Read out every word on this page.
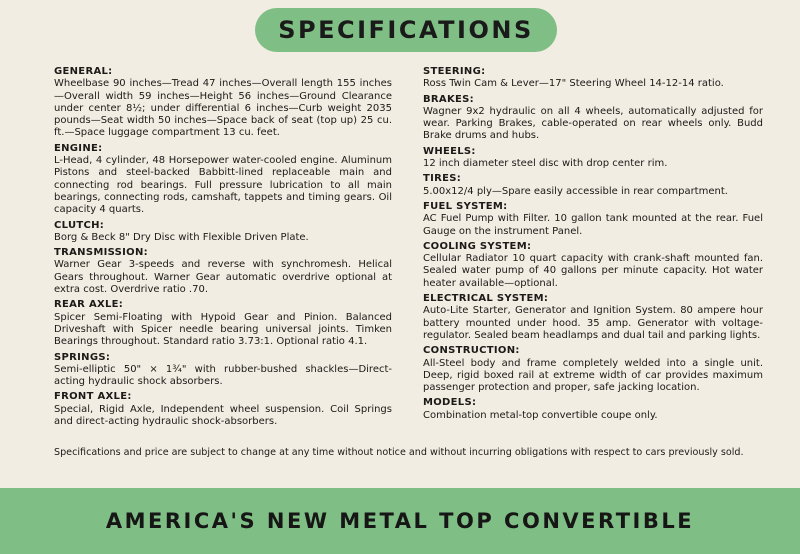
SPECIFICATIONS
GENERAL:
Wheelbase 90 inches—Tread 47 inches—Overall length 155 inches—Overall width 59 inches—Height 56 inches—Ground Clearance under center 8½; under differential 6 inches—Curb weight 2035 pounds—Seat width 50 inches—Space back of seat (top up) 25 cu. ft.—Space luggage compartment 13 cu. feet.
ENGINE:
L-Head, 4 cylinder, 48 Horsepower water-cooled engine. Aluminum Pistons and steel-backed Babbitt-lined replaceable main and connecting rod bearings. Full pressure lubrication to all main bearings, connecting rods, camshaft, tappets and timing gears. Oil capacity 4 quarts.
CLUTCH:
Borg & Beck 8" Dry Disc with Flexible Driven Plate.
TRANSMISSION:
Warner Gear 3-speeds and reverse with synchromesh. Helical Gears throughout. Warner Gear automatic overdrive optional at extra cost. Overdrive ratio .70.
REAR AXLE:
Spicer Semi-Floating with Hypoid Gear and Pinion. Balanced Driveshaft with Spicer needle bearing universal joints. Timken Bearings throughout. Standard ratio 3.73:1. Optional ratio 4.1.
SPRINGS:
Semi-elliptic 50" × 1¾" with rubber-bushed shackles—Direct-acting hydraulic shock absorbers.
FRONT AXLE:
Special, Rigid Axle, Independent wheel suspension. Coil Springs and direct-acting hydraulic shock-absorbers.
STEERING:
Ross Twin Cam & Lever—17" Steering Wheel 14-12-14 ratio.
BRAKES:
Wagner 9x2 hydraulic on all 4 wheels, automatically adjusted for wear. Parking Brakes, cable-operated on rear wheels only. Budd Brake drums and hubs.
WHEELS:
12 inch diameter steel disc with drop center rim.
TIRES:
5.00x12/4 ply—Spare easily accessible in rear compartment.
FUEL SYSTEM:
AC Fuel Pump with Filter. 10 gallon tank mounted at the rear. Fuel Gauge on the instrument Panel.
COOLING SYSTEM:
Cellular Radiator 10 quart capacity with crank-shaft mounted fan. Sealed water pump of 40 gallons per minute capacity. Hot water heater available—optional.
ELECTRICAL SYSTEM:
Auto-Lite Starter, Generator and Ignition System. 80 ampere hour battery mounted under hood. 35 amp. Generator with voltage-regulator. Sealed beam headlamps and dual tail and parking lights.
CONSTRUCTION:
All-Steel body and frame completely welded into a single unit. Deep, rigid boxed rail at extreme width of car provides maximum passenger protection and proper, safe jacking location.
MODELS:
Combination metal-top convertible coupe only.
Specifications and price are subject to change at any time without notice and without incurring obligations with respect to cars previously sold.
AMERICA'S NEW METAL TOP CONVERTIBLE
